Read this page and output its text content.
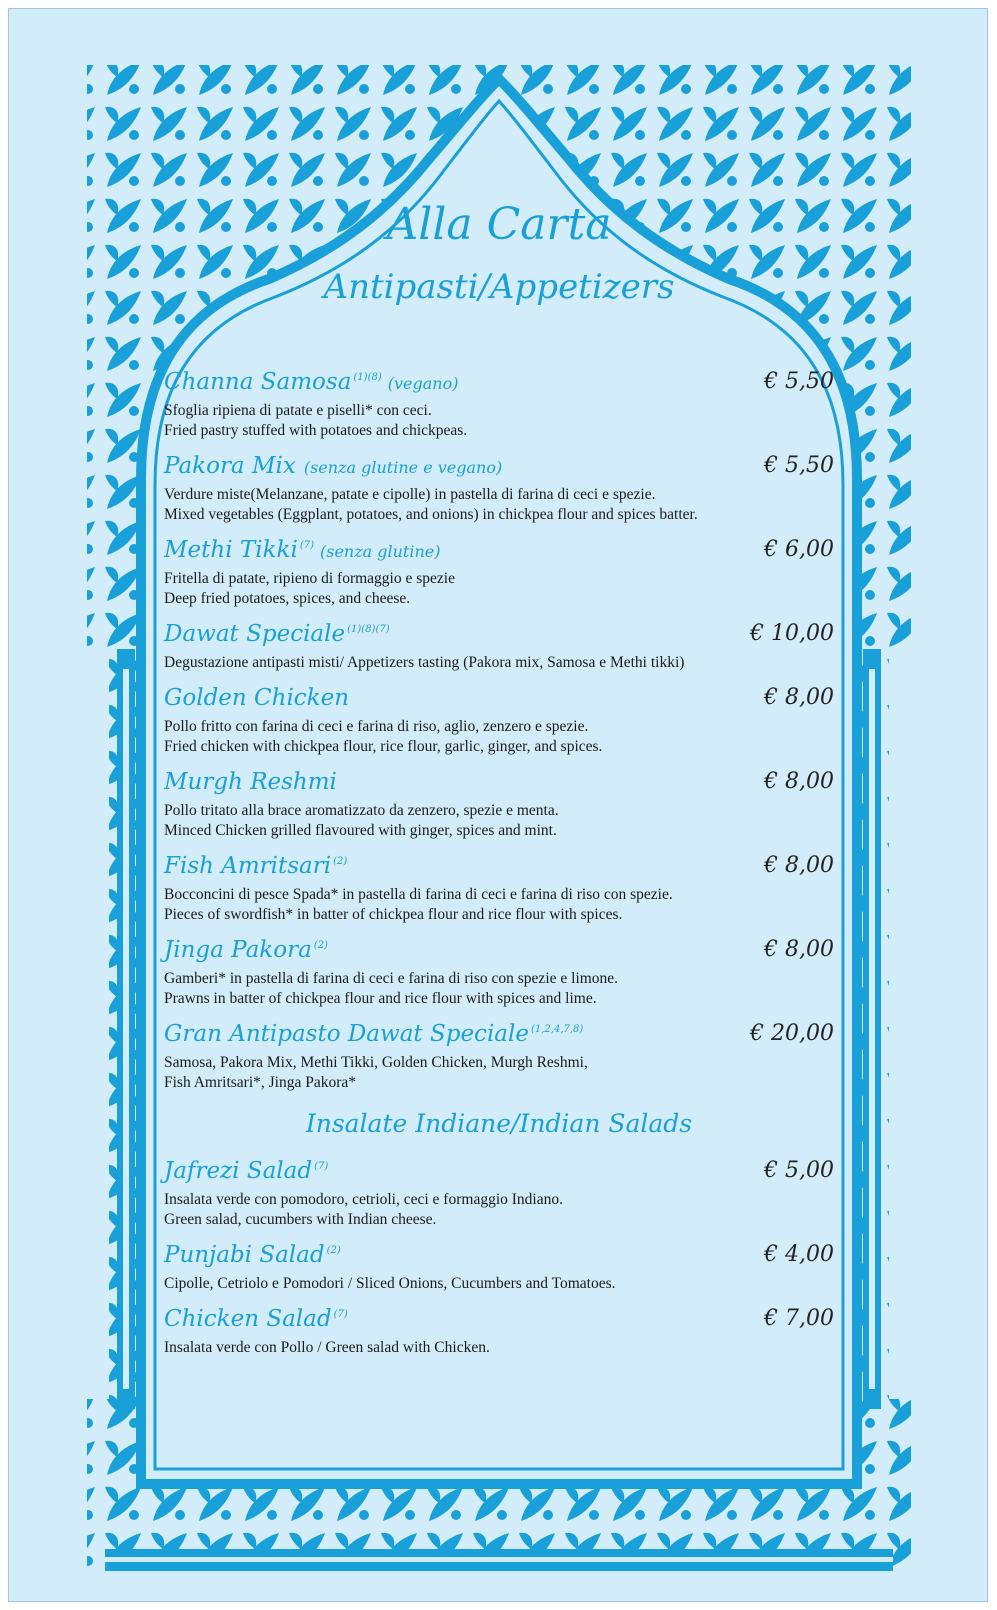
Alla Carta
Antipasti/Appetizers
Channa Samosa $^{(1)(8)}$ (vegano)	€ 5,50
Sfoglia ripiena di patate e piselli* con ceci.
Fried pastry stuffed with potatoes and chickpeas.
Pakora Mix (senza glutine e vegano)	€ 5,50
Verdure miste(Melanzane, patate e cipolle) in pastella di farina di ceci e spezie.
Mixed vegetables (Eggplant, potatoes, and onions) in chickpea flour and spices batter.
Methi Tikki $^{(7)}$ (senza glutine)	€ 6,00
Fritella di patate, ripieno di formaggio e spezie
Deep fried potatoes, spices, and cheese.
Dawat Speciale $^{(1)(8)(7)}$	€ 10,00
Degustazione antipasti misti/ Appetizers tasting (Pakora mix, Samosa e Methi tikki)
Golden Chicken	€ 8,00
Pollo fritto con farina di ceci e farina di riso, aglio, zenzero e spezie.
Fried chicken with chickpea flour, rice flour, garlic, ginger, and spices.
Murgh Reshmi	€ 8,00
Pollo tritato alla brace aromatizzato da zenzero, spezie e menta.
Minced Chicken grilled flavoured with ginger, spices and mint.
Fish Amritsari $^{(2)}$	€ 8,00
Bocconcini di pesce Spada* in pastella di farina di ceci e farina di riso con spezie.
Pieces of swordfish* in batter of chickpea flour and rice flour with spices.
Jinga Pakora $^{(2)}$	€ 8,00
Gamberi* in pastella di farina di ceci e farina di riso con spezie e limone.
Prawns in batter of chickpea flour and rice flour with spices and lime.
Gran Antipasto Dawat Speciale $^{(1,2,4,7,8)}$	€ 20,00
Samosa, Pakora Mix, Methi Tikki, Golden Chicken, Murgh Reshmi,
Fish Amritsari*, Jinga Pakora*
Insalate Indiane/Indian Salads
Jafrezi Salad $^{(7)}$	€ 5,00
Insalata verde con pomodoro, cetrioli, ceci e formaggio Indiano.
Green salad, cucumbers with Indian cheese.
Punjabi Salad $^{(2)}$	€ 4,00
Cipolle, Cetriolo e Pomodori / Sliced Onions, Cucumbers and Tomatoes.
Chicken Salad $^{(7)}$	€ 7,00
Insalata verde con Pollo / Green salad with Chicken.
